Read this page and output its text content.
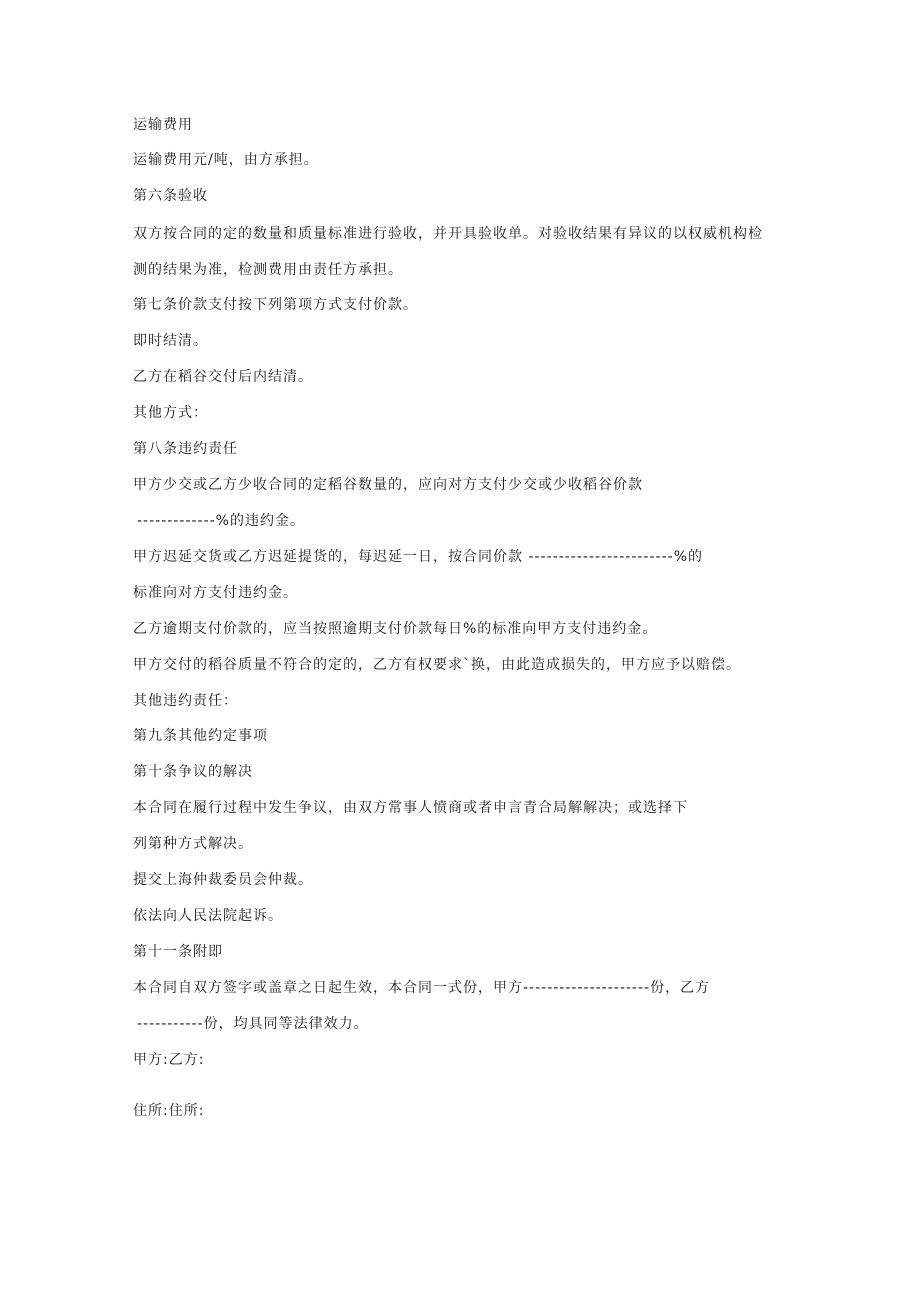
运输费用
运输费用元/吨，由方承担。
第六条验收
双方按合同的定的数量和质量标准进行验收，并开具验收单。对验收结果有异议的以权威机构检
测的结果为准，检测费用由责任方承担。
第七条价款支付按下列第项方式支付价款。
即时结清。
乙方在稻谷交付后内结清。
其他方式：
第八条违约责任
甲方少交或乙方少收合同的定稻谷数量的，应向对方支付少交或少收稻谷价款
-------------%的违约金。
甲方迟延交货或乙方迟延提货的，每迟延一日，按合同价款 ------------------------%的
标准向对方支付违约金。
乙方逾期支付价款的，应当按照逾期支付价款每日%的标准向甲方支付违约金。
甲方交付的稻谷质量不符合的定的，乙方有权要求`换，由此造成损失的，甲方应予以赔偿。
其他违约责任：
第九条其他约定事项
第十条争议的解决
本合同在履行过程中发生争议，由双方常事人愤商或者申言青合局解解决；或选择下
列第种方式解决。
提交上海仲裁委员会仲裁。
依法向人民法院起诉。
第十一条附即
本合同自双方签字或盖章之日起生效，本合同一式份，甲方---------------------份，乙方
-----------份，均具同等法律效力。
甲方:乙方:
住所:住所:
